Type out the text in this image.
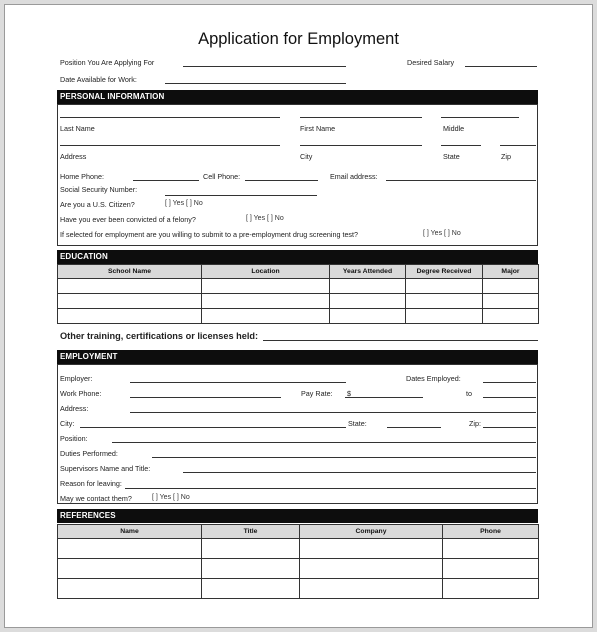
Application for Employment
Position You Are Applying For	Desired Salary
Date Available for Work:
PERSONAL INFORMATION
Last Name	First Name	Middle
Address	City	State	Zip
Home Phone:	Cell Phone:	Email address:
Social Security Number:
Are you a U.S. Citizen?	[ ] Yes [ ] No
Have you ever been convicted of a felony?	[ ] Yes [ ] No
If selected for employment are you willing to submit to a pre-employment drug screening test?	[ ] Yes [ ] No
EDUCATION
School Name	Location	Years Attended	Degree Received	Major

Other training, certifications or licenses held:
EMPLOYMENT
Employer:	Dates Employed:
Work Phone:	Pay Rate: $	to
Address:
City:	State:	Zip:
Position:
Duties Performed:
Supervisors Name and Title:
Reason for leaving:
May we contact them?	[ ] Yes [ ] No
REFERENCES
Name	Title	Company	Phone
